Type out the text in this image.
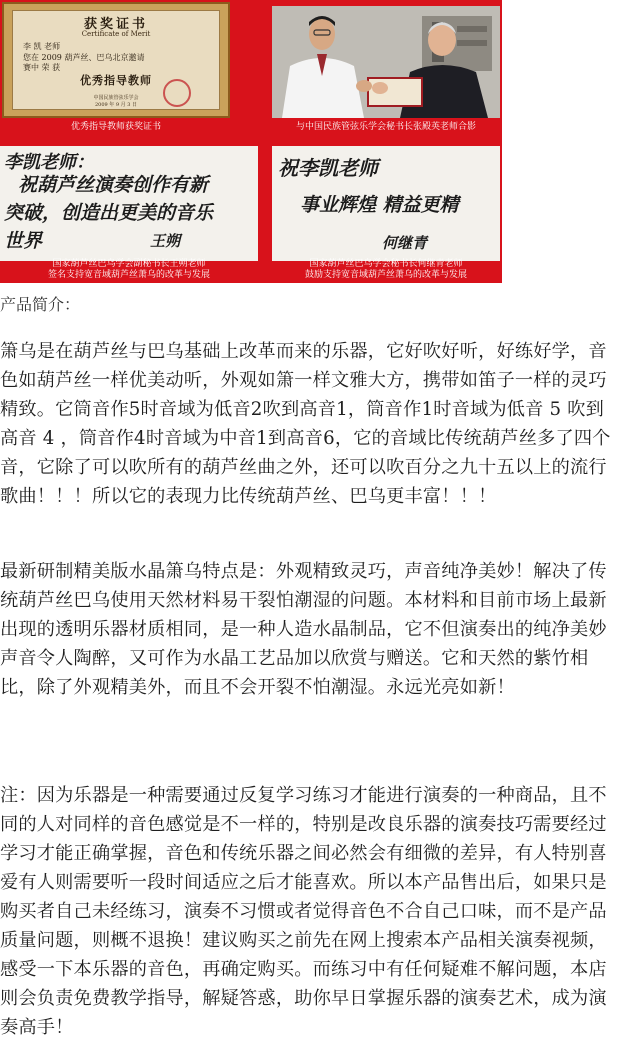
获奖证书
Certificate of Merit
李 凯 老师
您在 2009 葫芦丝、巴乌北京邀请
赛中 荣 获
优秀指导教师
中国民族管弦乐学会
2009 年 9 月 3 日
优秀指导教师获奖证书	与中国民族管弦乐学会秘书长张殿英老师合影
李凯老师：
祝葫芦丝演奏创作有新
突破，创造出更美的音乐
世界	王朔
国家葫芦丝巴乌学会副秘书长王朔老师
签名支持宽音域葫芦丝萧乌的改革与发展
祝李凯老师
事业辉煌 精益更精
何继青
国家葫芦丝巴乌学会秘书长何继青老师
鼓励支持宽音域葫芦丝萧乌的改革与发展
产品简介：

箫乌是在葫芦丝与巴乌基础上改革而来的乐器，它好吹好听，好练好学，音色如葫芦丝一样优美动听，外观如箫一样文雅大方，携带如笛子一样的灵巧精致。它筒音作5时音域为低音2吹到高音1，筒音作1时音域为低音 5 吹到高音 4 ，筒音作4时音域为中音1到高音6，它的音域比传统葫芦丝多了四个音，它除了可以吹所有的葫芦丝曲之外，还可以吹百分之九十五以上的流行歌曲！！！所以它的表现力比传统葫芦丝、巴乌更丰富！！！

最新研制精美版水晶箫乌特点是：外观精致灵巧，声音纯净美妙！解决了传统葫芦丝巴乌使用天然材料易干裂怕潮湿的问题。本材料和目前市场上最新出现的透明乐器材质相同，是一种人造水晶制品，它不但演奏出的纯净美妙声音令人陶醉，又可作为水晶工艺品加以欣赏与赠送。它和天然的紫竹相比，除了外观精美外，而且不会开裂不怕潮湿。永远光亮如新！

注：因为乐器是一种需要通过反复学习练习才能进行演奏的一种商品，且不同的人对同样的音色感觉是不一样的，特别是改良乐器的演奏技巧需要经过学习才能正确掌握，音色和传统乐器之间必然会有细微的差异，有人特别喜爱有人则需要听一段时间适应之后才能喜欢。所以本产品售出后，如果只是购买者自己未经练习，演奏不习惯或者觉得音色不合自己口味，而不是产品质量问题，则概不退换！建议购买之前先在网上搜索本产品相关演奏视频，感受一下本乐器的音色，再确定购买。而练习中有任何疑难不解问题，本店则会负责免费教学指导，解疑答惑，助你早日掌握乐器的演奏艺术，成为演奏高手！
